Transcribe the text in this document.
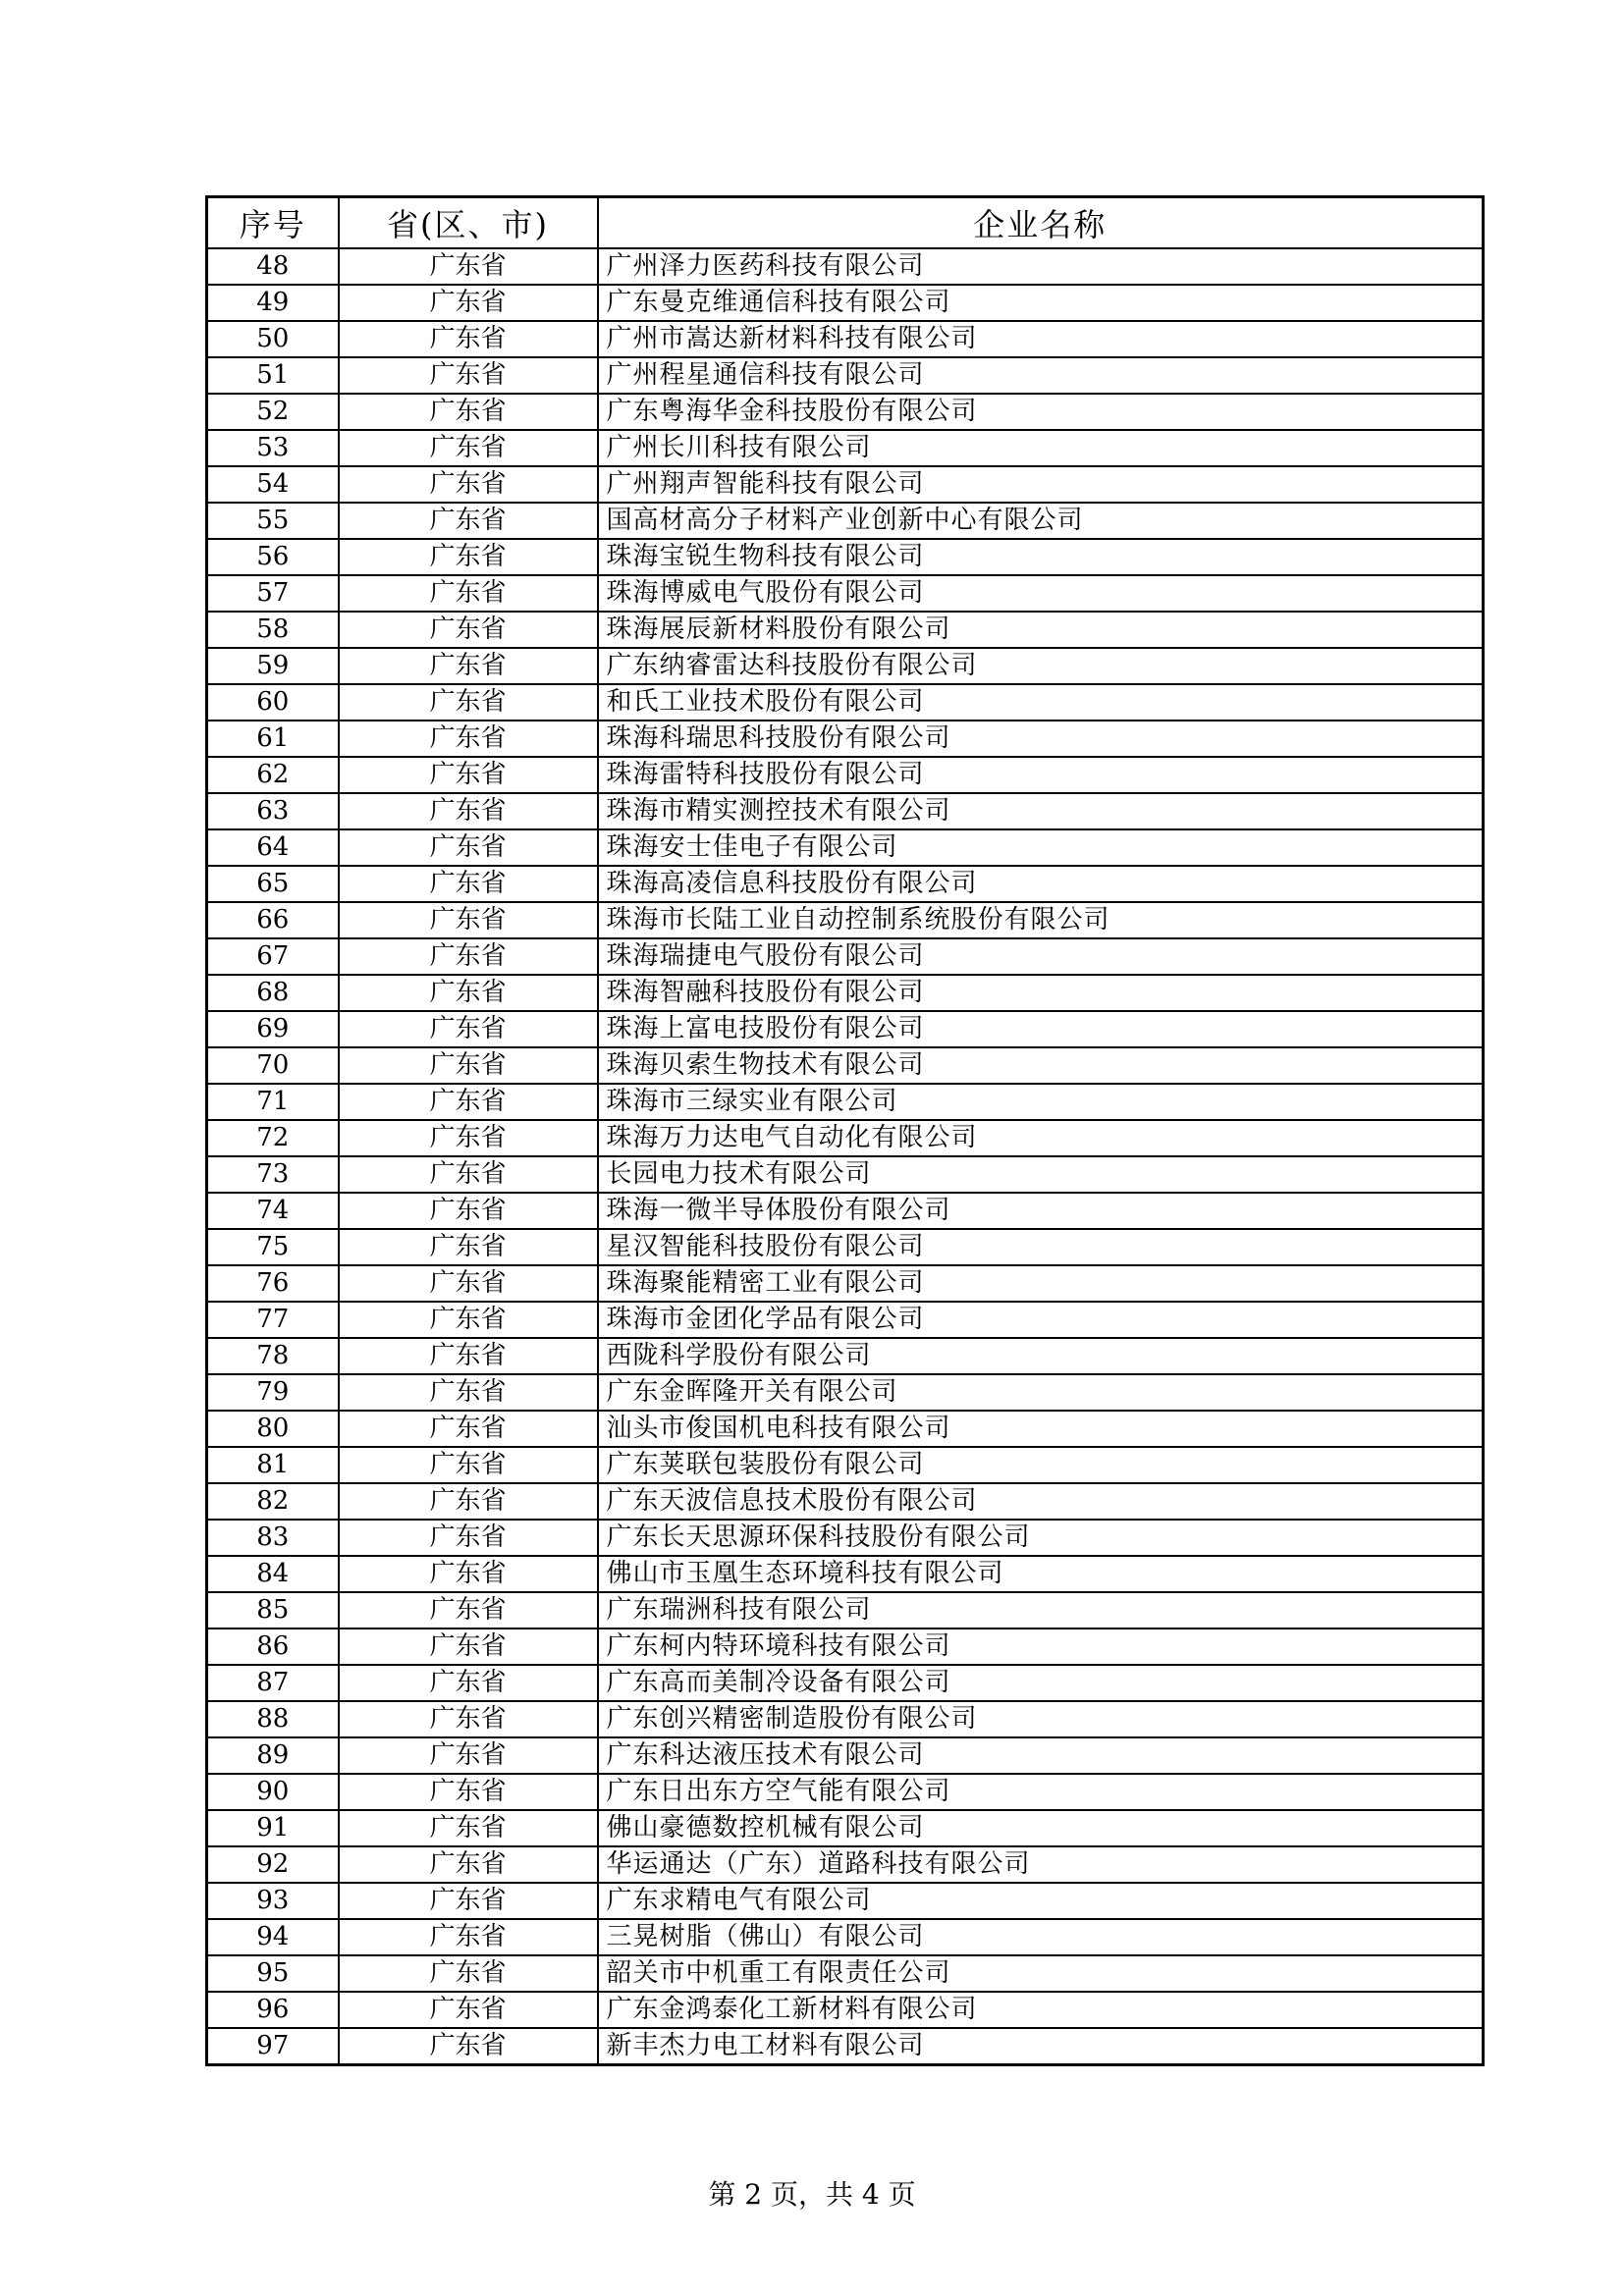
序号	省(区、市)	企业名称
48	广东省	广州泽力医药科技有限公司
49	广东省	广东曼克维通信科技有限公司
50	广东省	广州市嵩达新材料科技有限公司
51	广东省	广州程星通信科技有限公司
52	广东省	广东粤海华金科技股份有限公司
53	广东省	广州长川科技有限公司
54	广东省	广州翔声智能科技有限公司
55	广东省	国高材高分子材料产业创新中心有限公司
56	广东省	珠海宝锐生物科技有限公司
57	广东省	珠海博威电气股份有限公司
58	广东省	珠海展辰新材料股份有限公司
59	广东省	广东纳睿雷达科技股份有限公司
60	广东省	和氏工业技术股份有限公司
61	广东省	珠海科瑞思科技股份有限公司
62	广东省	珠海雷特科技股份有限公司
63	广东省	珠海市精实测控技术有限公司
64	广东省	珠海安士佳电子有限公司
65	广东省	珠海高凌信息科技股份有限公司
66	广东省	珠海市长陆工业自动控制系统股份有限公司
67	广东省	珠海瑞捷电气股份有限公司
68	广东省	珠海智融科技股份有限公司
69	广东省	珠海上富电技股份有限公司
70	广东省	珠海贝索生物技术有限公司
71	广东省	珠海市三绿实业有限公司
72	广东省	珠海万力达电气自动化有限公司
73	广东省	长园电力技术有限公司
74	广东省	珠海一微半导体股份有限公司
75	广东省	星汉智能科技股份有限公司
76	广东省	珠海聚能精密工业有限公司
77	广东省	珠海市金团化学品有限公司
78	广东省	西陇科学股份有限公司
79	广东省	广东金晖隆开关有限公司
80	广东省	汕头市俊国机电科技有限公司
81	广东省	广东荚联包装股份有限公司
82	广东省	广东天波信息技术股份有限公司
83	广东省	广东长天思源环保科技股份有限公司
84	广东省	佛山市玉凰生态环境科技有限公司
85	广东省	广东瑞洲科技有限公司
86	广东省	广东柯内特环境科技有限公司
87	广东省	广东高而美制冷设备有限公司
88	广东省	广东创兴精密制造股份有限公司
89	广东省	广东科达液压技术有限公司
90	广东省	广东日出东方空气能有限公司
91	广东省	佛山豪德数控机械有限公司
92	广东省	华运通达（广东）道路科技有限公司
93	广东省	广东求精电气有限公司
94	广东省	三晃树脂（佛山）有限公司
95	广东省	韶关市中机重工有限责任公司
96	广东省	广东金鸿泰化工新材料有限公司
97	广东省	新丰杰力电工材料有限公司
第 2 页，共 4 页
